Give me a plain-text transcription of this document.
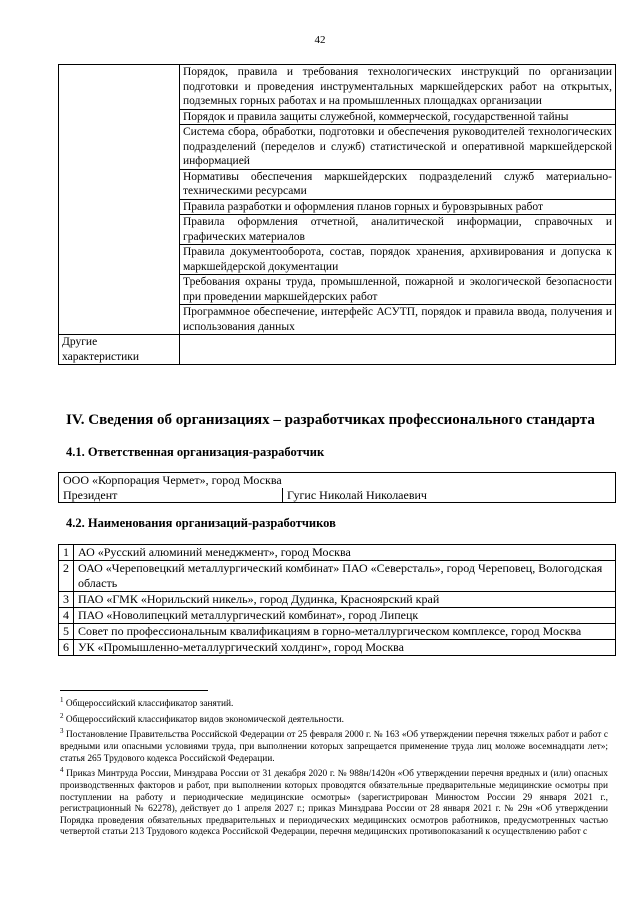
42
	Порядок, правила и требования технологических инструкций по организации подготовки и проведения инструментальных маркшейдерских работ на открытых, подземных горных работах и на промышленных площадках организации
	Порядок и правила защиты служебной, коммерческой, государственной тайны
	Система сбора, обработки, подготовки и обеспечения руководителей технологических подразделений (переделов и служб) статистической и оперативной маркшейдерской информацией
	Нормативы обеспечения маркшейдерских подразделений служб материально-техническими ресурсами
	Правила разработки и оформления планов горных и буровзрывных работ
	Правила оформления отчетной, аналитической информации, справочных и графических материалов
	Правила документооборота, состав, порядок хранения, архивирования и допуска к маркшейдерской документации
	Требования охраны труда, промышленной, пожарной и экологической безопасности при проведении маркшейдерских работ
	Программное обеспечение, интерфейс АСУТП, порядок и правила ввода, получения и использования данных
Другие характеристики	
IV. Сведения об организациях – разработчиках профессионального стандарта
4.1. Ответственная организация-разработчик
ООО «Корпорация Чермет», город Москва
Президент	Гугис Николай Николаевич
4.2. Наименования организаций-разработчиков
1	АО «Русский алюминий менеджмент», город Москва
2	ОАО «Череповецкий металлургический комбинат» ПАО «Северсталь», город Череповец, Вологодская область
3	ПАО «ГМК «Норильский никель», город Дудинка, Красноярский край
4	ПАО «Новолипецкий металлургический комбинат», город Липецк
5	Совет по профессиональным квалификациям в горно-металлургическом комплексе, город Москва
6	УК «Промышленно-металлургический холдинг», город Москва

$^1$ Общероссийский классификатор занятий.

$^2$ Общероссийский классификатор видов экономической деятельности.

$^3$ Постановление Правительства Российской Федерации от 25 февраля 2000 г. № 163 «Об утверждении перечня тяжелых работ и работ с вредными или опасными условиями труда, при выполнении которых запрещается применение труда лиц моложе восемнадцати лет»; статья 265 Трудового кодекса Российской Федерации.

$^4$ Приказ Минтруда России, Минздрава России от 31 декабря 2020 г. № 988н/1420н «Об утверждении перечня вредных и (или) опасных производственных факторов и работ, при выполнении которых проводятся обязательные предварительные медицинские осмотры при поступлении на работу и периодические медицинские осмотры» (зарегистрирован Минюстом России 29 января 2021 г., регистрационный № 62278), действует до 1 апреля 2027 г.; приказ Минздрава России от 28 января 2021 г. № 29н «Об утверждении Порядка проведения обязательных предварительных и периодических медицинских осмотров работников, предусмотренных частью четвертой статьи 213 Трудового кодекса Российской Федерации, перечня медицинских противопоказаний к осуществлению работ с
